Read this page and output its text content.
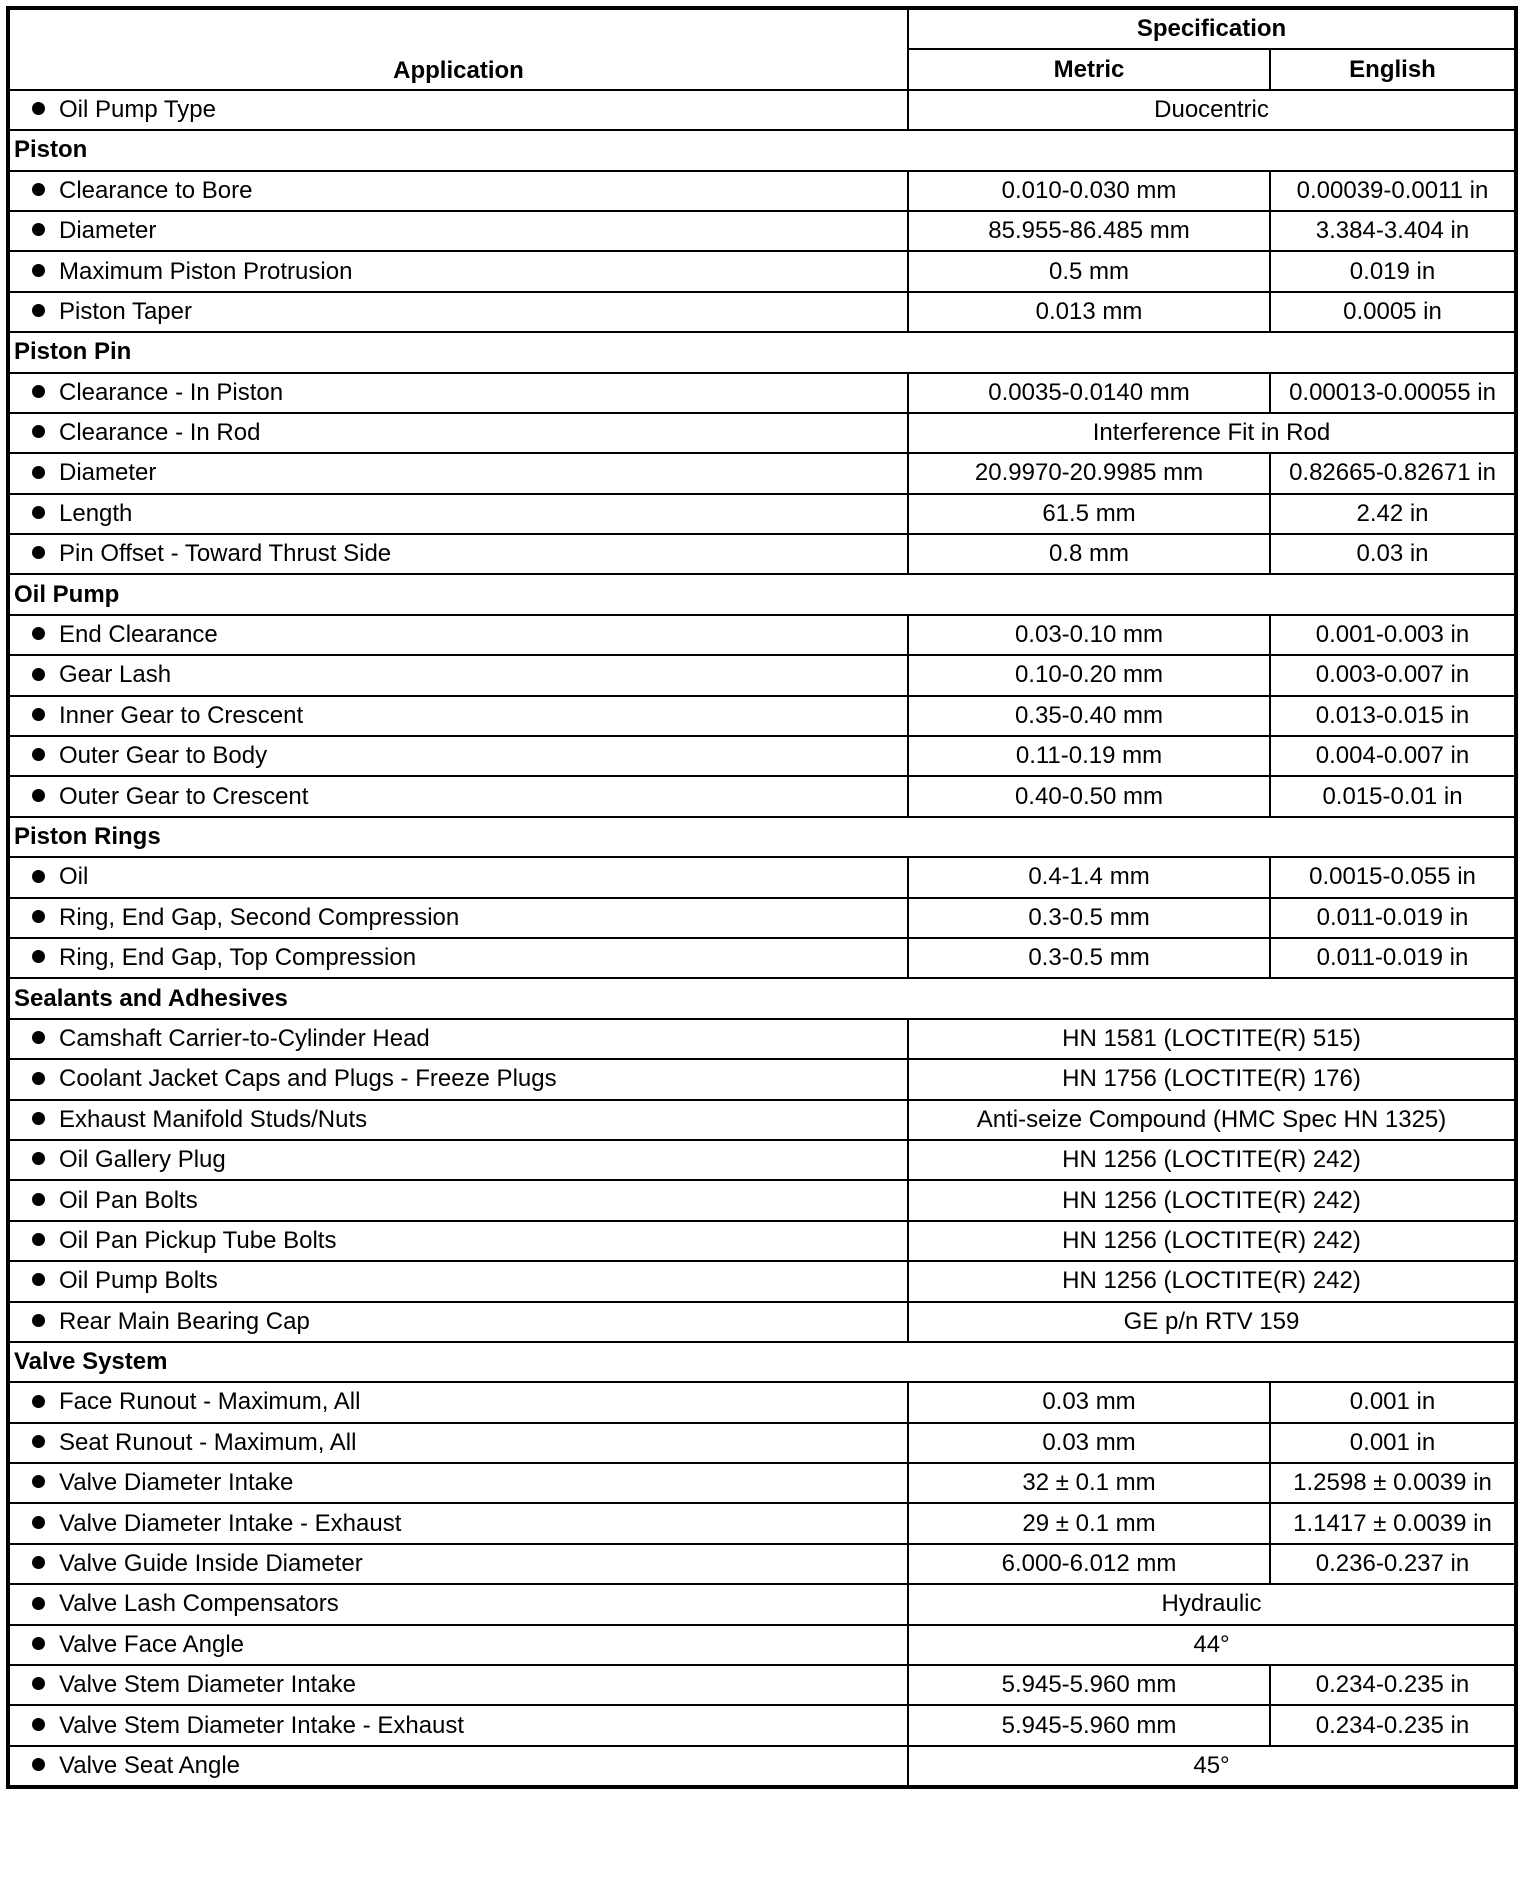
Application	Specification	
	Metric	English
Oil Pump Type	Duocentric	
Piston		
Clearance to Bore	0.010-0.030 mm	0.00039-0.0011 in
Diameter	85.955-86.485 mm	3.384-3.404 in
Maximum Piston Protrusion	0.5 mm	0.019 in
Piston Taper	0.013 mm	0.0005 in
Piston Pin		
Clearance - In Piston	0.0035-0.0140 mm	0.00013-0.00055 in
Clearance - In Rod	Interference Fit in Rod	
Diameter	20.9970-20.9985 mm	0.82665-0.82671 in
Length	61.5 mm	2.42 in
Pin Offset - Toward Thrust Side	0.8 mm	0.03 in
Oil Pump		
End Clearance	0.03-0.10 mm	0.001-0.003 in
Gear Lash	0.10-0.20 mm	0.003-0.007 in
Inner Gear to Crescent	0.35-0.40 mm	0.013-0.015 in
Outer Gear to Body	0.11-0.19 mm	0.004-0.007 in
Outer Gear to Crescent	0.40-0.50 mm	0.015-0.01 in
Piston Rings		
Oil	0.4-1.4 mm	0.0015-0.055 in
Ring, End Gap, Second Compression	0.3-0.5 mm	0.011-0.019 in
Ring, End Gap, Top Compression	0.3-0.5 mm	0.011-0.019 in
Sealants and Adhesives		
Camshaft Carrier-to-Cylinder Head	HN 1581 (LOCTITE(R) 515)	
Coolant Jacket Caps and Plugs - Freeze Plugs	HN 1756 (LOCTITE(R) 176)	
Exhaust Manifold Studs/Nuts	Anti-seize Compound (HMC Spec HN 1325)	
Oil Gallery Plug	HN 1256 (LOCTITE(R) 242)	
Oil Pan Bolts	HN 1256 (LOCTITE(R) 242)	
Oil Pan Pickup Tube Bolts	HN 1256 (LOCTITE(R) 242)	
Oil Pump Bolts	HN 1256 (LOCTITE(R) 242)	
Rear Main Bearing Cap	GE p/n RTV 159	
Valve System		
Face Runout - Maximum, All	0.03 mm	0.001 in
Seat Runout - Maximum, All	0.03 mm	0.001 in
Valve Diameter Intake	32 ± 0.1 mm	1.2598 ± 0.0039 in
Valve Diameter Intake - Exhaust	29 ± 0.1 mm	1.1417 ± 0.0039 in
Valve Guide Inside Diameter	6.000-6.012 mm	0.236-0.237 in
Valve Lash Compensators	Hydraulic	
Valve Face Angle	44°	
Valve Stem Diameter Intake	5.945-5.960 mm	0.234-0.235 in
Valve Stem Diameter Intake - Exhaust	5.945-5.960 mm	0.234-0.235 in
Valve Seat Angle	45°	
